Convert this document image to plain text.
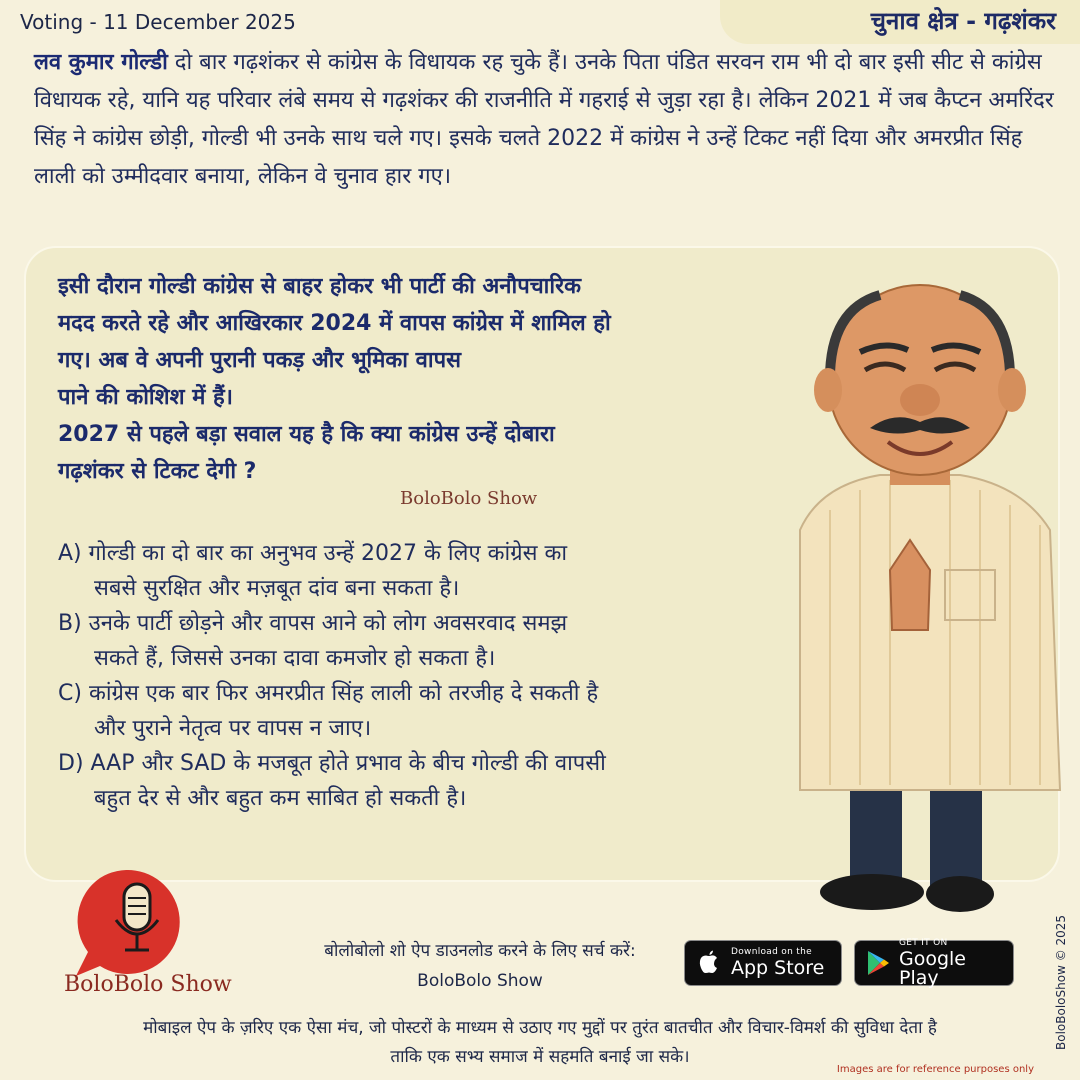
Voting - 11 December 2025	चुनाव क्षेत्र - गढ़शंकर
लव कुमार गोल्डी दो बार गढ़शंकर से कांग्रेस के विधायक रह चुके हैं। उनके पिता पंडित सरवन राम भी दो बार इसी सीट से कांग्रेस विधायक रहे, यानि यह परिवार लंबे समय से गढ़शंकर की राजनीति में गहराई से जुड़ा रहा है। लेकिन 2021 में जब कैप्टन अमरिंदर सिंह ने कांग्रेस छोड़ी, गोल्डी भी उनके साथ चले गए। इसके चलते 2022 में कांग्रेस ने उन्हें टिकट नहीं दिया और अमरप्रीत सिंह लाली को उम्मीदवार बनाया, लेकिन वे चुनाव हार गए।
इसी दौरान गोल्डी कांग्रेस से बाहर होकर भी पार्टी की अनौपचारिक
मदद करते रहे और आखिरकार 2024 में वापस कांग्रेस में शामिल हो
गए। अब वे अपनी पुरानी पकड़ और भूमिका वापस
पाने की कोशिश में हैं।
2027 से पहले बड़ा सवाल यह है कि क्या कांग्रेस उन्हें दोबारा
गढ़शंकर से टिकट देगी ?
BoloBolo Show
A) गोल्डी का दो बार का अनुभव उन्हें 2027 के लिए कांग्रेस का
सबसे सुरक्षित और मज़बूत दांव बना सकता है।
B) उनके पार्टी छोड़ने और वापस आने को लोग अवसरवाद समझ
सकते हैं, जिससे उनका दावा कमजोर हो सकता है।
C) कांग्रेस एक बार फिर अमरप्रीत सिंह लाली को तरजीह दे सकती है
और पुराने नेतृत्व पर वापस न जाए।
D) AAP और SAD के मजबूत होते प्रभाव के बीच गोल्डी की वापसी
बहुत देर से और बहुत कम साबित हो सकती है।
BoloBolo Show
बोलोबोलो शो ऐप डाउनलोड करने के लिए सर्च करें:
BoloBolo Show
Download on the
App Store
GET IT ON
Google Play
मोबाइल ऐप के ज़रिए एक ऐसा मंच, जो पोस्टरों के माध्यम से उठाए गए मुद्दों पर तुरंत बातचीत और विचार-विमर्श की सुविधा देता है
ताकि एक सभ्य समाज में सहमति बनाई जा सके।
Images are for reference purposes only
BoloBoloShow © 2025
